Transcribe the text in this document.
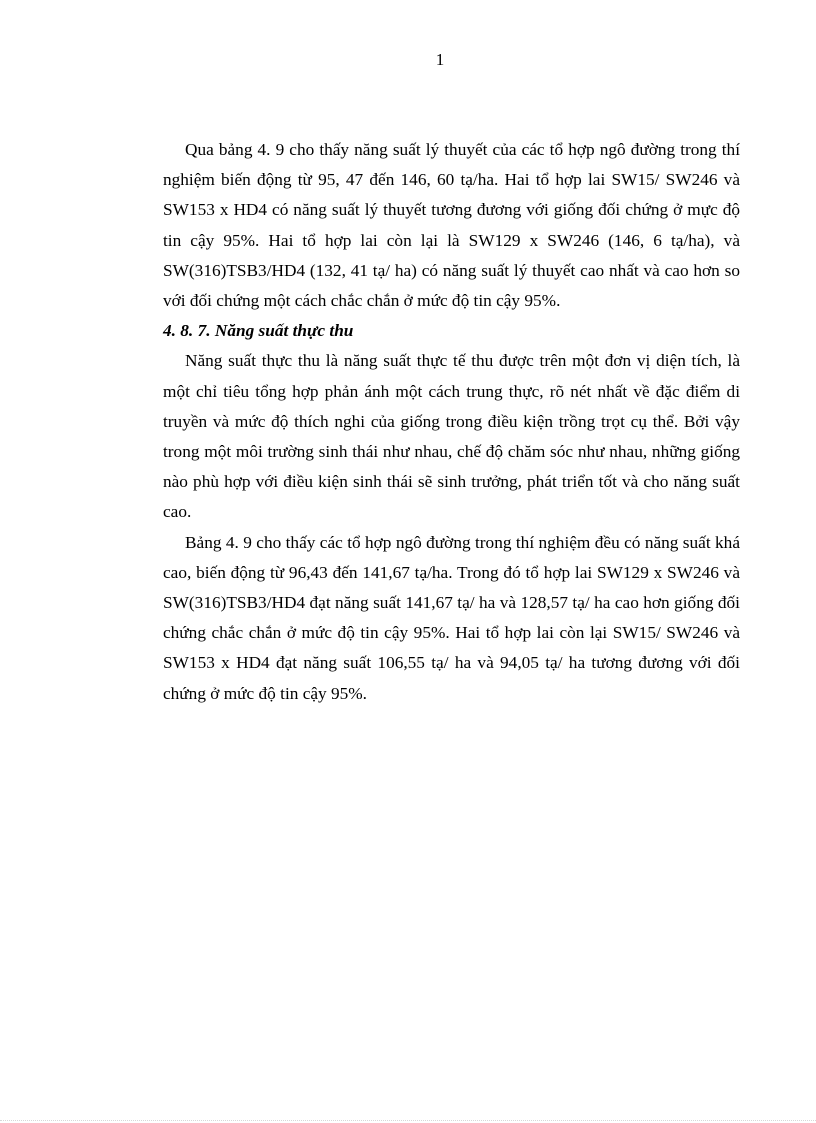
1

Qua bảng 4. 9 cho thấy năng suất lý thuyết của các tổ hợp ngô đường trong thí nghiệm biến động từ 95, 47 đến 146, 60 tạ/ha. Hai tổ hợp lai SW15/ SW246 và SW153 x HD4 có năng suất lý thuyết tương đương với giống đối chứng ở mực độ tin cậy 95%. Hai tổ hợp lai còn lại là SW129 x SW246 (146, 6 tạ/ha), và SW(316)TSB3/HD4 (132, 41 tạ/ ha) có năng suất lý thuyết cao nhất và cao hơn so với đối chứng một cách chắc chắn ở mức độ tin cậy 95%.

4. 8. 7. Năng suất thực thu

Năng suất thực thu là năng suất thực tế thu được trên một đơn vị diện tích, là một chỉ tiêu tổng hợp phản ánh một cách trung thực, rõ nét nhất về đặc điểm di truyền và mức độ thích nghi của giống trong điều kiện trồng trọt cụ thể. Bởi vậy trong một môi trường sinh thái như nhau, chế độ chăm sóc như nhau, những giống nào phù hợp với điều kiện sinh thái sẽ sinh trưởng, phát triển tốt và cho năng suất cao.

Bảng 4. 9 cho thấy các tổ hợp ngô đường trong thí nghiệm đều có năng suất khá cao, biến động từ 96,43 đến 141,67 tạ/ha. Trong đó tổ hợp lai SW129 x SW246 và SW(316)TSB3/HD4 đạt năng suất 141,67 tạ/ ha và 128,57 tạ/ ha cao hơn giống đối chứng chắc chắn ở mức độ tin cậy 95%. Hai tổ hợp lai còn lại SW15/ SW246 và SW153 x HD4 đạt năng suất 106,55 tạ/ ha và 94,05 tạ/ ha tương đương với đối chứng ở mức độ tin cậy 95%.
